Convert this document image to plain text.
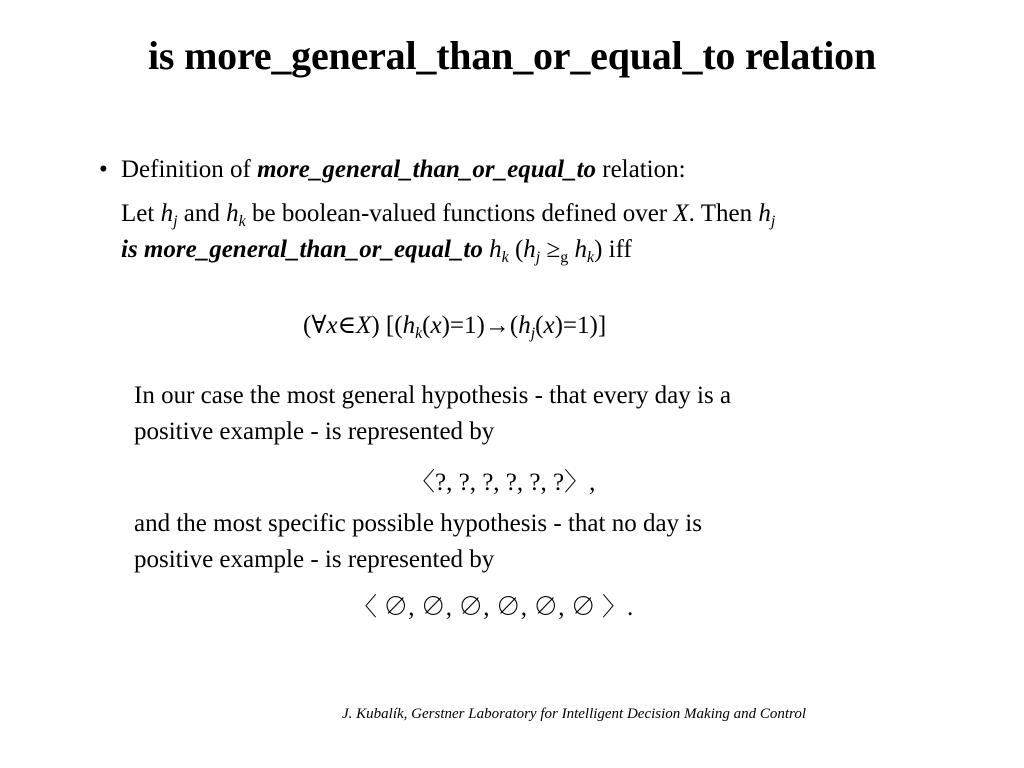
is more_general_than_or_equal_to relation
• Definition of more_general_than_or_equal_to relation:
Let $h_j$ and $h_k$ be boolean-valued functions defined over X. Then $h_j$
is more_general_than_or_equal_to $h_k$ ($h_j \ge_g$ $h_k$) iff
(∀x∈X) $[(h_k(x)=1)\to(h_j(x)=1)]$
In our case the most general hypothesis - that every day is a
positive example - is represented by
〈?, ?, ?, ?, ?, ?〉,
and the most specific possible hypothesis - that no day is
positive example - is represented by
〈 ∅, ∅, ∅, ∅, ∅, ∅ 〉.
J. Kubalík, Gerstner Laboratory for Intelligent Decision Making and Control
